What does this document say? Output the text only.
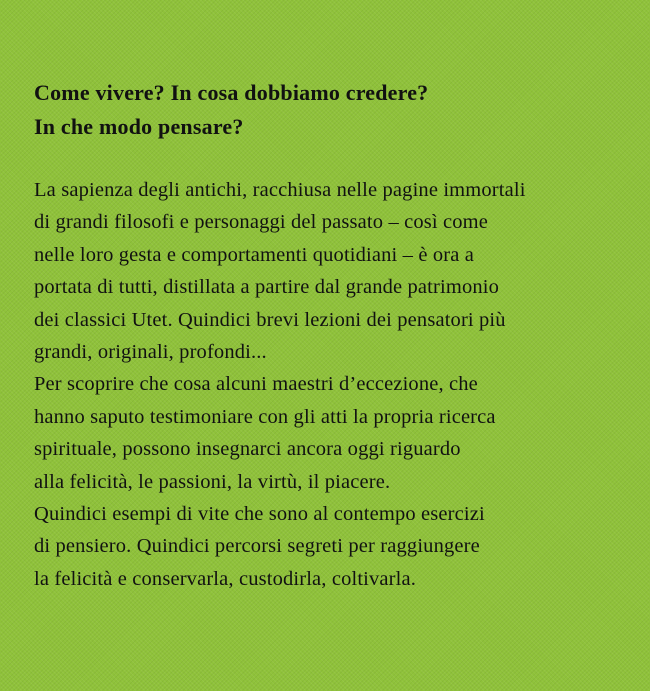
Come vivere? In cosa dobbiamo credere?
In che modo pensare?
La sapienza degli antichi, racchiusa nelle pagine immortali
di grandi filosofi e personaggi del passato – così come
nelle loro gesta e comportamenti quotidiani – è ora a
portata di tutti, distillata a partire dal grande patrimonio
dei classici Utet. Quindici brevi lezioni dei pensatori più
grandi, originali, profondi...
Per scoprire che cosa alcuni maestri d’eccezione, che
hanno saputo testimoniare con gli atti la propria ricerca
spirituale, possono insegnarci ancora oggi riguardo
alla felicità, le passioni, la virtù, il piacere.
Quindici esempi di vite che sono al contempo esercizi
di pensiero. Quindici percorsi segreti per raggiungere
la felicità e conservarla, custodirla, coltivarla.
